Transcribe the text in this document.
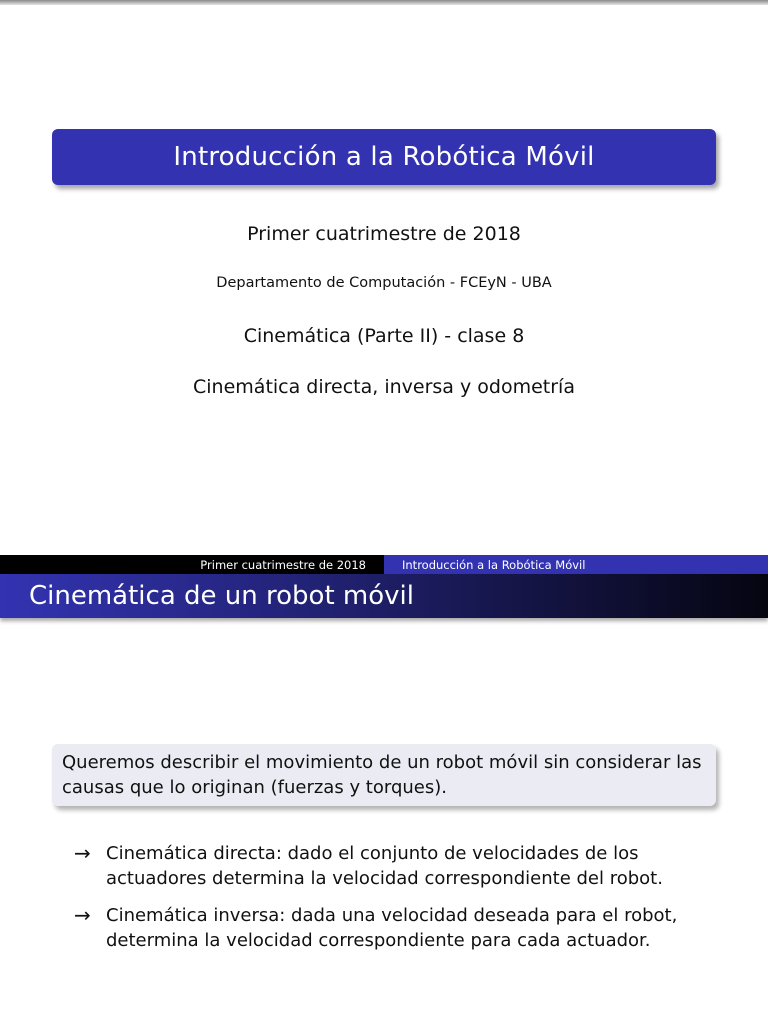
Introducción a la Robótica Móvil
Primer cuatrimestre de 2018
Departamento de Computación - FCEyN - UBA
Cinemática (Parte II) - clase 8
Cinemática directa, inversa y odometría
Primer cuatrimestre de 2018	Introducción a la Robótica Móvil
Cinemática de un robot móvil
Queremos describir el movimiento de un robot móvil sin considerar las causas que lo originan (fuerzas y torques).
→ Cinemática directa: dado el conjunto de velocidades de los actuadores determina la velocidad correspondiente del robot.
→ Cinemática inversa: dada una velocidad deseada para el robot, determina la velocidad correspondiente para cada actuador.
